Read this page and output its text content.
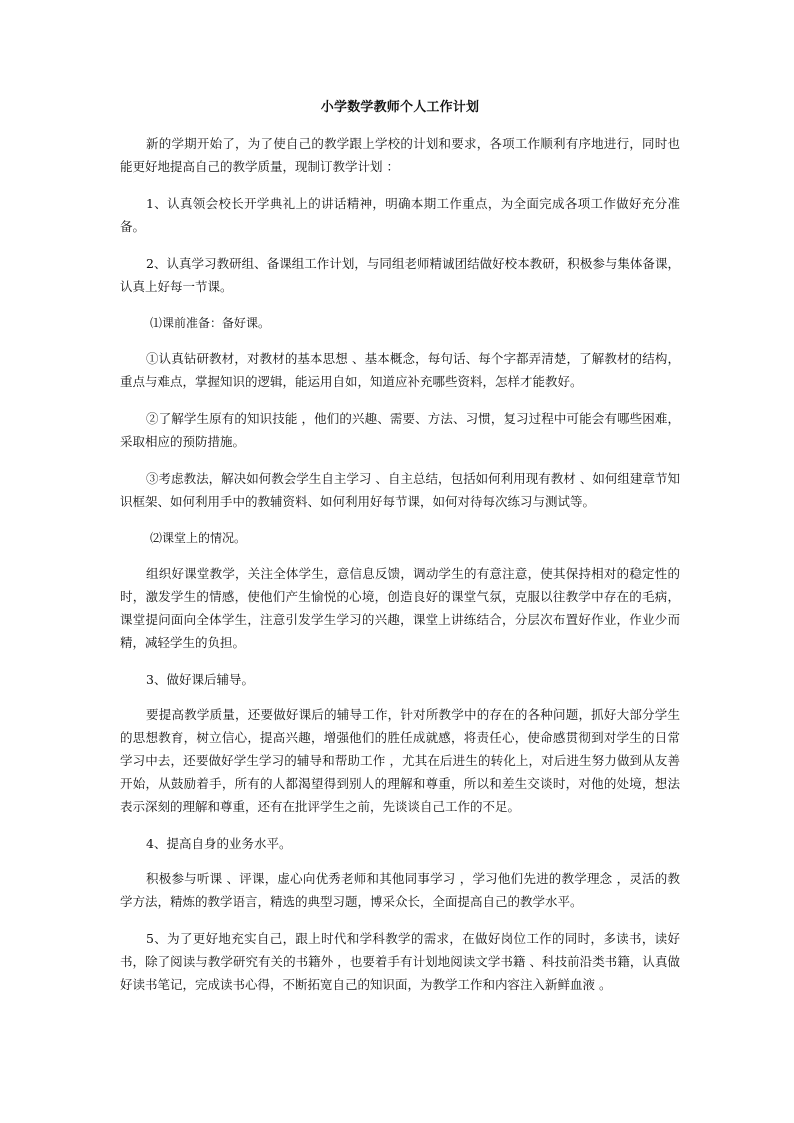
小学数学教师个人工作计划

新的学期开始了，为了使自己的教学跟上学校的计划和要求，各项工作顺利有序地进行，同时也能更好地提高自己的教学质量，现制订教学计划 ：

1、认真领会校长开学典礼上的讲话精神，明确本期工作重点，为全面完成各项工作做好充分准备。

2、认真学习教研组、备课组工作计划，与同组老师精诚团结做好校本教研，积极参与集体备课，认真上好每一节课。

⑴课前准备：备好课。

①认真钻研教材，对教材的基本思想 、基本概念，每句话、每个字都弄清楚，了解教材的结构，重点与难点，掌握知识的逻辑，能运用自如，知道应补充哪些资料，怎样才能教好。

②了解学生原有的知识技能 ，他们的兴趣、需要、方法、习惯，复习过程中可能会有哪些困难，采取相应的预防措施。

③考虑教法，解决如何教会学生自主学习 、自主总结，包括如何利用现有教材 、如何组建章节知识框架、如何利用手中的教辅资料、如何利用好每节课，如何对待每次练习与测试等。

⑵课堂上的情况。

组织好课堂教学，关注全体学生，意信息反馈，调动学生的有意注意，使其保持相对的稳定性的时，激发学生的情感，使他们产生愉悦的心境，创造良好的课堂气氛，克服以往教学中存在的毛病，课堂提问面向全体学生，注意引发学生学习的兴趣，课堂上讲练结合，分层次布置好作业，作业少而精，减轻学生的负担。

3、做好课后辅导。

要提高教学质量，还要做好课后的辅导工作，针对所教学中的存在的各种问题，抓好大部分学生的思想教育，树立信心，提高兴趣，增强他们的胜任成就感，将责任心，使命感贯彻到对学生的日常学习中去，还要做好学生学习的辅导和帮助工作 ，尤其在后进生的转化上，对后进生努力做到从友善开始，从鼓励着手，所有的人都渴望得到别人的理解和尊重，所以和差生交谈时，对他的处境，想法表示深刻的理解和尊重，还有在批评学生之前，先谈谈自己工作的不足。

4、提高自身的业务水平。

积极参与听课 、评课，虚心向优秀老师和其他同事学习 ，学习他们先进的教学理念 ，灵活的教学方法，精炼的教学语言，精选的典型习题，博采众长，全面提高自己的教学水平。

5、为了更好地充实自己，跟上时代和学科教学的需求，在做好岗位工作的同时，多读书，读好书，除了阅读与教学研究有关的书籍外 ，也要着手有计划地阅读文学书籍 、科技前沿类书籍，认真做好读书笔记，完成读书心得，不断拓宽自己的知识面，为教学工作和内容注入新鲜血液 。
